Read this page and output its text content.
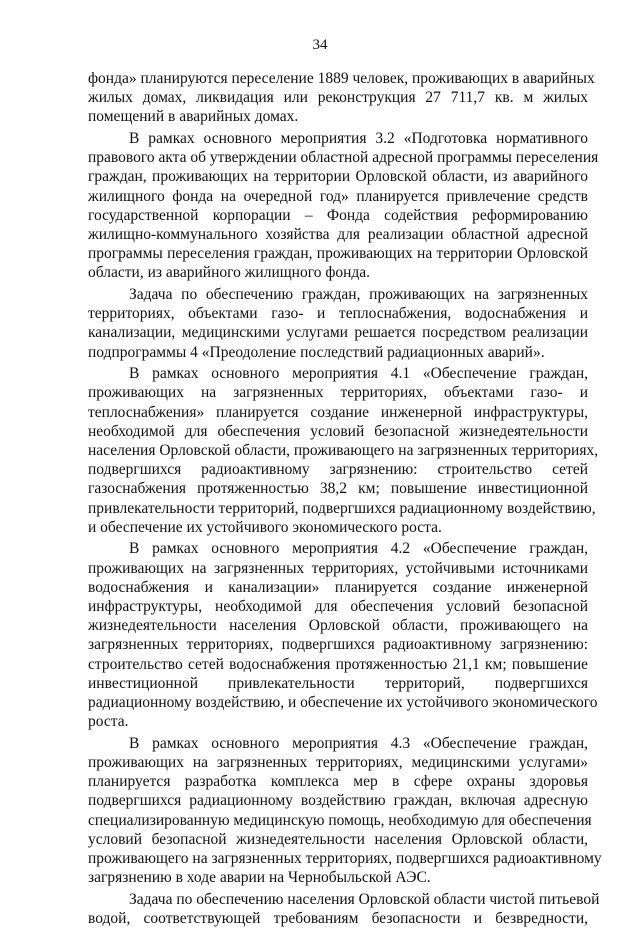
34
фонда» планируются переселение 1889 человек, проживающих в аварийных
жилых домах, ликвидация или реконструкция 27 711,7 кв. м жилых
помещений в аварийных домах.
В рамках основного мероприятия 3.2 «Подготовка нормативного
правового акта об утверждении областной адресной программы переселения
граждан, проживающих на территории Орловской области, из аварийного
жилищного фонда на очередной год» планируется привлечение средств
государственной корпорации – Фонда содействия реформированию
жилищно-коммунального хозяйства для реализации областной адресной
программы переселения граждан, проживающих на территории Орловской
области, из аварийного жилищного фонда.
Задача по обеспечению граждан, проживающих на загрязненных
территориях, объектами газо- и теплоснабжения, водоснабжения и
канализации, медицинскими услугами решается посредством реализации
подпрограммы 4 «Преодоление последствий радиационных аварий».
В рамках основного мероприятия 4.1 «Обеспечение граждан,
проживающих на загрязненных территориях, объектами газо- и
теплоснабжения» планируется создание инженерной инфраструктуры,
необходимой для обеспечения условий безопасной жизнедеятельности
населения Орловской области, проживающего на загрязненных территориях,
подвергшихся радиоактивному загрязнению: строительство сетей
газоснабжения протяженностью 38,2 км; повышение инвестиционной
привлекательности территорий, подвергшихся радиационному воздействию,
и обеспечение их устойчивого экономического роста.
В рамках основного мероприятия 4.2 «Обеспечение граждан,
проживающих на загрязненных территориях, устойчивыми источниками
водоснабжения и канализации» планируется создание инженерной
инфраструктуры, необходимой для обеспечения условий безопасной
жизнедеятельности населения Орловской области, проживающего на
загрязненных территориях, подвергшихся радиоактивному загрязнению:
строительство сетей водоснабжения протяженностью 21,1 км; повышение
инвестиционной привлекательности территорий, подвергшихся
радиационному воздействию, и обеспечение их устойчивого экономического
роста.
В рамках основного мероприятия 4.3 «Обеспечение граждан,
проживающих на загрязненных территориях, медицинскими услугами»
планируется разработка комплекса мер в сфере охраны здоровья
подвергшихся радиационному воздействию граждан, включая адресную
специализированную медицинскую помощь, необходимую для обеспечения
условий безопасной жизнедеятельности населения Орловской области,
проживающего на загрязненных территориях, подвергшихся радиоактивному
загрязнению в ходе аварии на Чернобыльской АЭС.
Задача по обеспечению населения Орловской области чистой питьевой
водой, соответствующей требованиям безопасности и безвредности,
